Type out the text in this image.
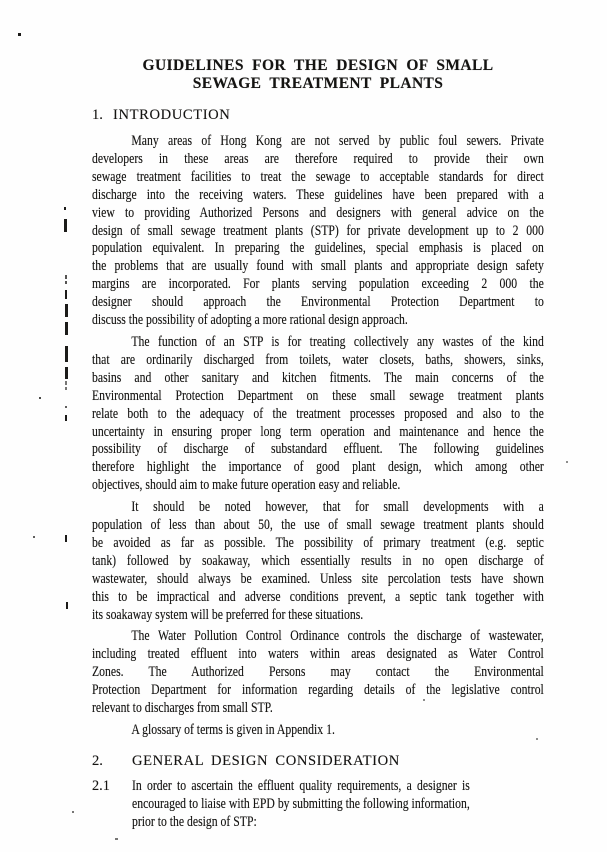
GUIDELINES FOR THE DESIGN OF SMALL
SEWAGE TREATMENT PLANTS
1. INTRODUCTION
Many areas of Hong Kong are not served by public foul sewers. Private
developers in these areas are therefore required to provide their own
sewage treatment facilities to treat the sewage to acceptable standards for direct
discharge into the receiving waters. These guidelines have been prepared with a
view to providing Authorized Persons and designers with general advice on the
design of small sewage treatment plants (STP) for private development up to 2 000
population equivalent. In preparing the guidelines, special emphasis is placed on
the problems that are usually found with small plants and appropriate design safety
margins are incorporated. For plants serving population exceeding 2 000 the
designer should approach the Environmental Protection Department to
discuss the possibility of adopting a more rational design approach.
The function of an STP is for treating collectively any wastes of the kind
that are ordinarily discharged from toilets, water closets, baths, showers, sinks,
basins and other sanitary and kitchen fitments. The main concerns of the
Environmental Protection Department on these small sewage treatment plants
relate both to the adequacy of the treatment processes proposed and also to the
uncertainty in ensuring proper long term operation and maintenance and hence the
possibility of discharge of substandard effluent. The following guidelines
therefore highlight the importance of good plant design, which among other
objectives, should aim to make future operation easy and reliable.
It should be noted however, that for small developments with a
population of less than about 50, the use of small sewage treatment plants should
be avoided as far as possible. The possibility of primary treatment (e.g. septic
tank) followed by soakaway, which essentially results in no open discharge of
wastewater, should always be examined. Unless site percolation tests have shown
this to be impractical and adverse conditions prevent, a septic tank together with
its soakaway system will be preferred for these situations.
The Water Pollution Control Ordinance controls the discharge of wastewater,
including treated effluent into waters within areas designated as Water Control
Zones. The Authorized Persons may contact the Environmental
Protection Department for information regarding details of the legislative control
relevant to discharges from small STP.
A glossary of terms is given in Appendix 1.
2. GENERAL DESIGN CONSIDERATION
2.1	In order to ascertain the effluent quality requirements, a designer is
encouraged to liaise with EPD by submitting the following information,
prior to the design of STP:
